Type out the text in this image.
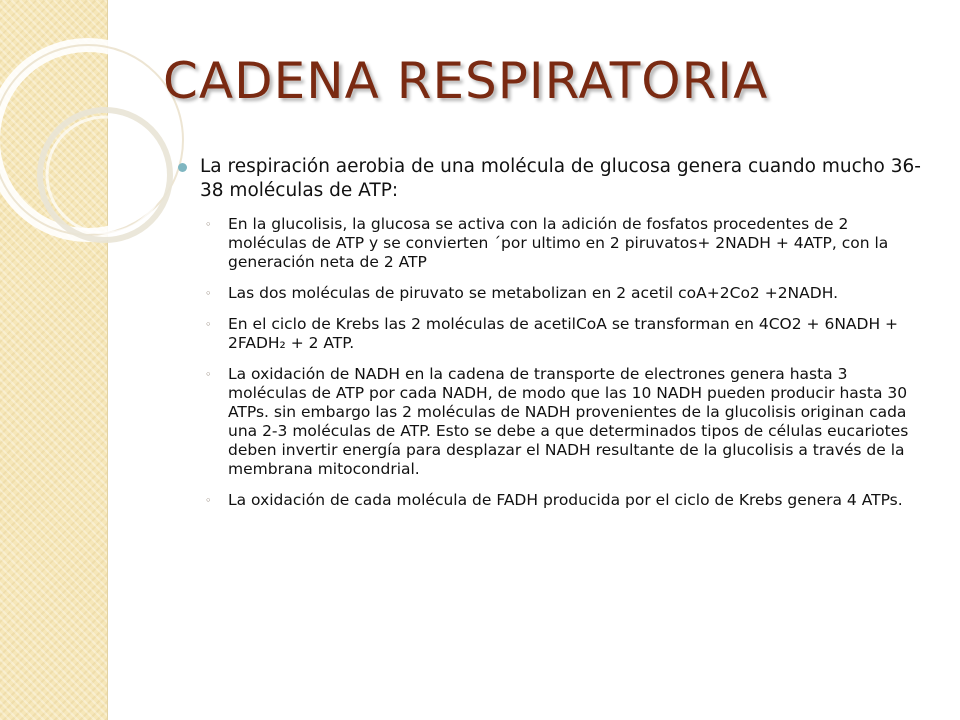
CADENA RESPIRATORIA
La respiración aerobia de una molécula de glucosa genera cuando mucho 36-38 moléculas de ATP:
◦ En la glucolisis, la glucosa se activa con la adición de fosfatos procedentes de 2 moléculas de ATP y se convierten ´por ultimo en 2 piruvatos+ 2NADH + 4ATP, con la generación neta de 2 ATP
◦ Las dos moléculas de piruvato se metabolizan en 2 acetil coA+2Co2 +2NADH.
◦ En el ciclo de Krebs las 2 moléculas de acetilCoA se transforman en 4CO2 + 6NADH + 2FADH₂ + 2 ATP.
◦ La oxidación de NADH en la cadena de transporte de electrones genera hasta 3 moléculas de ATP por cada NADH, de modo que las 10 NADH pueden producir hasta 30 ATPs. sin embargo las 2 moléculas de NADH provenientes de la glucolisis originan cada una 2-3 moléculas de ATP. Esto se debe a que determinados tipos de células eucariotes deben invertir energía para desplazar el NADH resultante de la glucolisis a través de la membrana mitocondrial.
◦ La oxidación de cada molécula de FADH producida por el ciclo de Krebs genera 4 ATPs.
